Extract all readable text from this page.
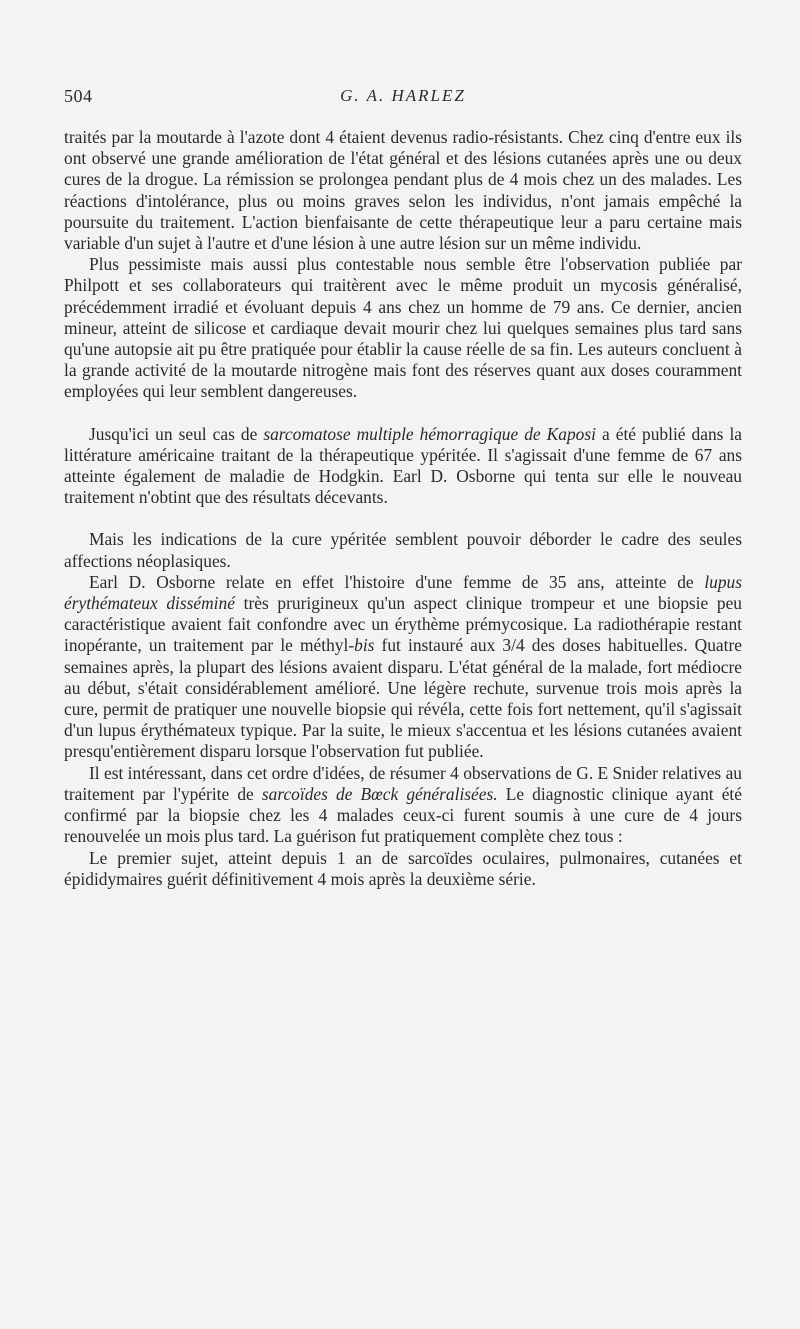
504	G. A. HARLEZ

traités par la moutarde à l'azote dont 4 étaient devenus radio-résistants. Chez cinq d'entre eux ils ont observé une grande amélioration de l'état général et des lésions cutanées après une ou deux cures de la drogue. La rémission se prolongea pendant plus de 4 mois chez un des malades. Les réactions d'intolérance, plus ou moins graves selon les individus, n'ont jamais empêché la poursuite du traitement. L'action bienfaisante de cette thérapeutique leur a paru certaine mais variable d'un sujet à l'autre et d'une lésion à une autre lésion sur un même individu.

Plus pessimiste mais aussi plus contestable nous semble être l'observation publiée par Philpott et ses collaborateurs qui traitèrent avec le même produit un mycosis généralisé, précédemment irradié et évoluant depuis 4 ans chez un homme de 79 ans. Ce dernier, ancien mineur, atteint de silicose et cardiaque devait mourir chez lui quelques semaines plus tard sans qu'une autopsie ait pu être pratiquée pour établir la cause réelle de sa fin. Les auteurs concluent à la grande activité de la moutarde nitrogène mais font des réserves quant aux doses couramment employées qui leur semblent dangereuses.

Jusqu'ici un seul cas de sarcomatose multiple hémorragique de Kaposi a été publié dans la littérature américaine traitant de la thérapeutique ypéritée. Il s'agissait d'une femme de 67 ans atteinte également de maladie de Hodgkin. Earl D. Osborne qui tenta sur elle le nouveau traitement n'obtint que des résultats décevants.

Mais les indications de la cure ypéritée semblent pouvoir déborder le cadre des seules affections néoplasiques.

Earl D. Osborne relate en effet l'histoire d'une femme de 35 ans, atteinte de lupus érythémateux disséminé très prurigineux qu'un aspect clinique trompeur et une biopsie peu caractéristique avaient fait confondre avec un érythème prémycosique. La radiothérapie restant inopérante, un traitement par le méthyl-bis fut instauré aux 3/4 des doses habituelles. Quatre semaines après, la plupart des lésions avaient disparu. L'état général de la malade, fort médiocre au début, s'était considérablement amélioré. Une légère rechute, survenue trois mois après la cure, permit de pratiquer une nouvelle biopsie qui révéla, cette fois fort nettement, qu'il s'agissait d'un lupus érythémateux typique. Par la suite, le mieux s'accentua et les lésions cutanées avaient presqu'entièrement disparu lorsque l'observation fut publiée.

Il est intéressant, dans cet ordre d'idées, de résumer 4 observations de G. E Snider relatives au traitement par l'ypérite de sarcoïdes de Bœck généralisées. Le diagnostic clinique ayant été confirmé par la biopsie chez les 4 malades ceux-ci furent soumis à une cure de 4 jours renouvelée un mois plus tard. La guérison fut pratiquement complète chez tous :

Le premier sujet, atteint depuis 1 an de sarcoïdes oculaires, pulmonaires, cutanées et épididymaires guérit définitivement 4 mois après la deuxième série.
